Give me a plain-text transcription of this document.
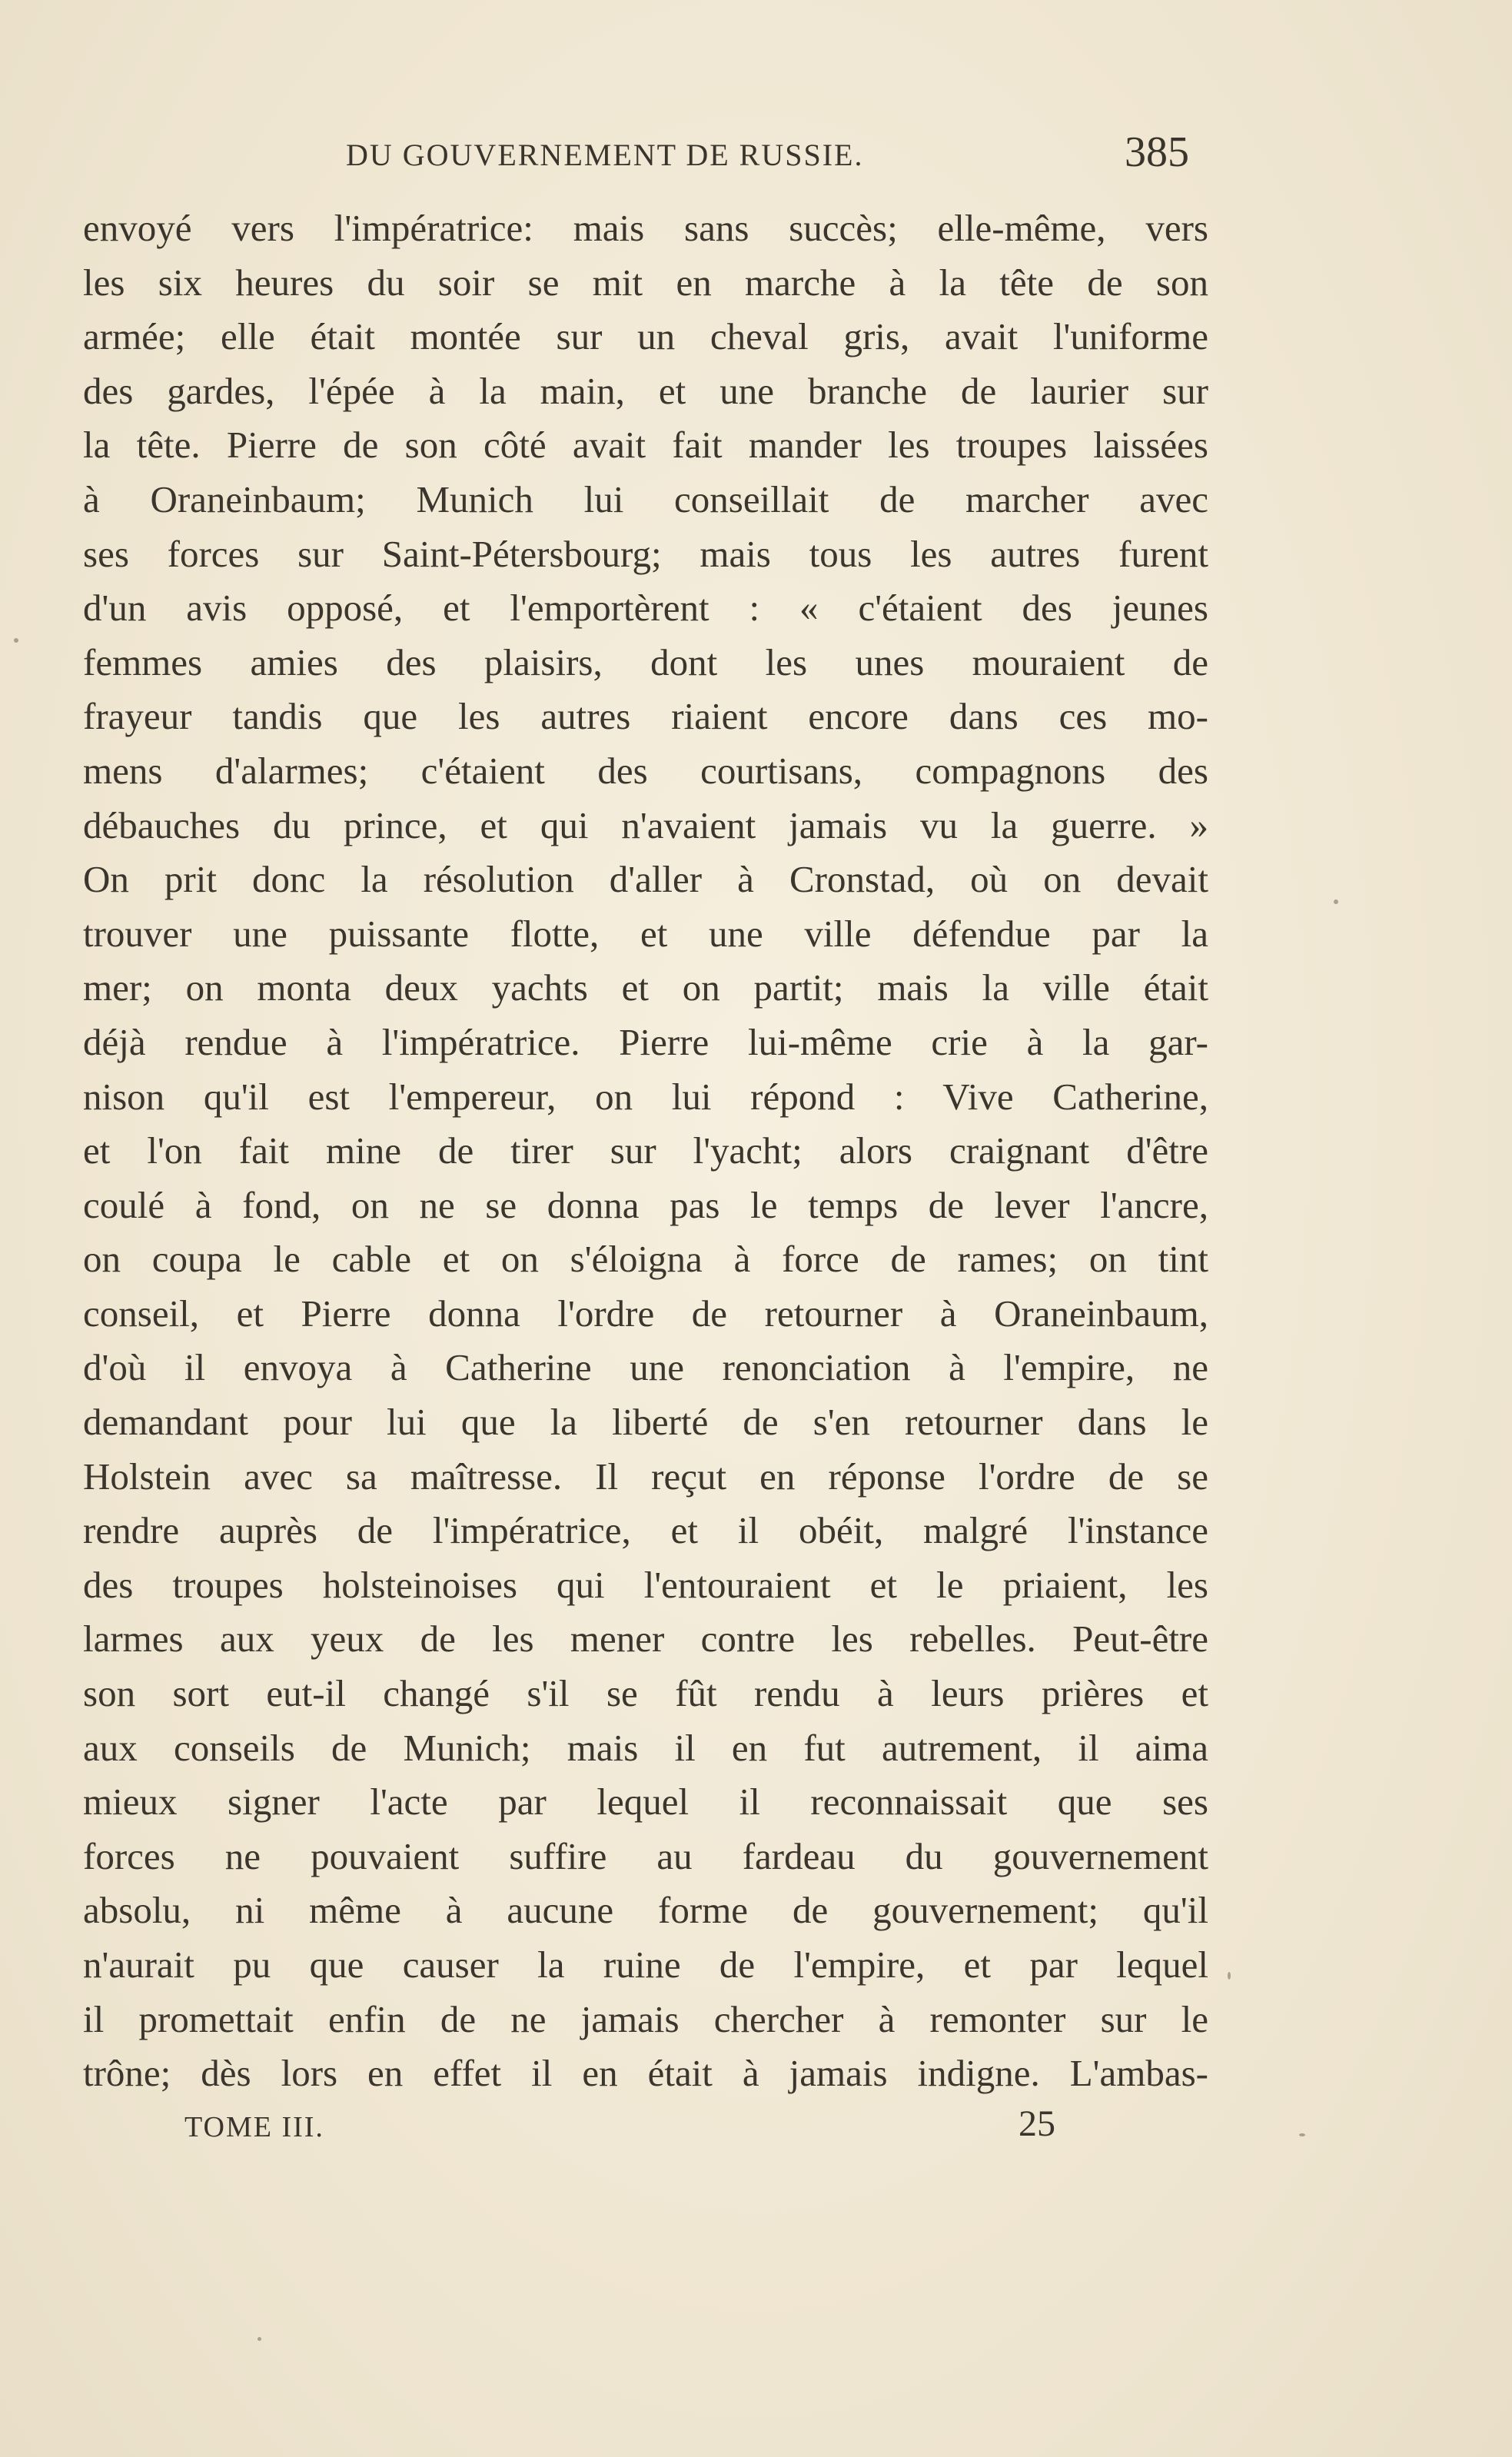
DU GOUVERNEMENT DE RUSSIE.	385
envoyé vers l'impératrice: mais sans succès; elle-même, vers
les six heures du soir se mit en marche à la tête de son
armée; elle était montée sur un cheval gris, avait l'uniforme
des gardes, l'épée à la main, et une branche de laurier sur
la tête. Pierre de son côté avait fait mander les troupes laissées
à Oraneinbaum; Munich lui conseillait de marcher avec
ses forces sur Saint-Pétersbourg; mais tous les autres furent
d'un avis opposé, et l'emportèrent : « c'étaient des jeunes
femmes amies des plaisirs, dont les unes mouraient de
frayeur tandis que les autres riaient encore dans ces mo-
mens d'alarmes; c'étaient des courtisans, compagnons des
débauches du prince, et qui n'avaient jamais vu la guerre. »
On prit donc la résolution d'aller à Cronstad, où on devait
trouver une puissante flotte, et une ville défendue par la
mer; on monta deux yachts et on partit; mais la ville était
déjà rendue à l'impératrice. Pierre lui-même crie à la gar-
nison qu'il est l'empereur, on lui répond : Vive Catherine,
et l'on fait mine de tirer sur l'yacht; alors craignant d'être
coulé à fond, on ne se donna pas le temps de lever l'ancre,
on coupa le cable et on s'éloigna à force de rames; on tint
conseil, et Pierre donna l'ordre de retourner à Oraneinbaum,
d'où il envoya à Catherine une renonciation à l'empire, ne
demandant pour lui que la liberté de s'en retourner dans le
Holstein avec sa maîtresse. Il reçut en réponse l'ordre de se
rendre auprès de l'impératrice, et il obéit, malgré l'instance
des troupes holsteinoises qui l'entouraient et le priaient, les
larmes aux yeux de les mener contre les rebelles. Peut-être
son sort eut-il changé s'il se fût rendu à leurs prières et
aux conseils de Munich; mais il en fut autrement, il aima
mieux signer l'acte par lequel il reconnaissait que ses
forces ne pouvaient suffire au fardeau du gouvernement
absolu, ni même à aucune forme de gouvernement; qu'il
n'aurait pu que causer la ruine de l'empire, et par lequel
il promettait enfin de ne jamais chercher à remonter sur le
trône; dès lors en effet il en était à jamais indigne. L'ambas-
TOME III.	25
